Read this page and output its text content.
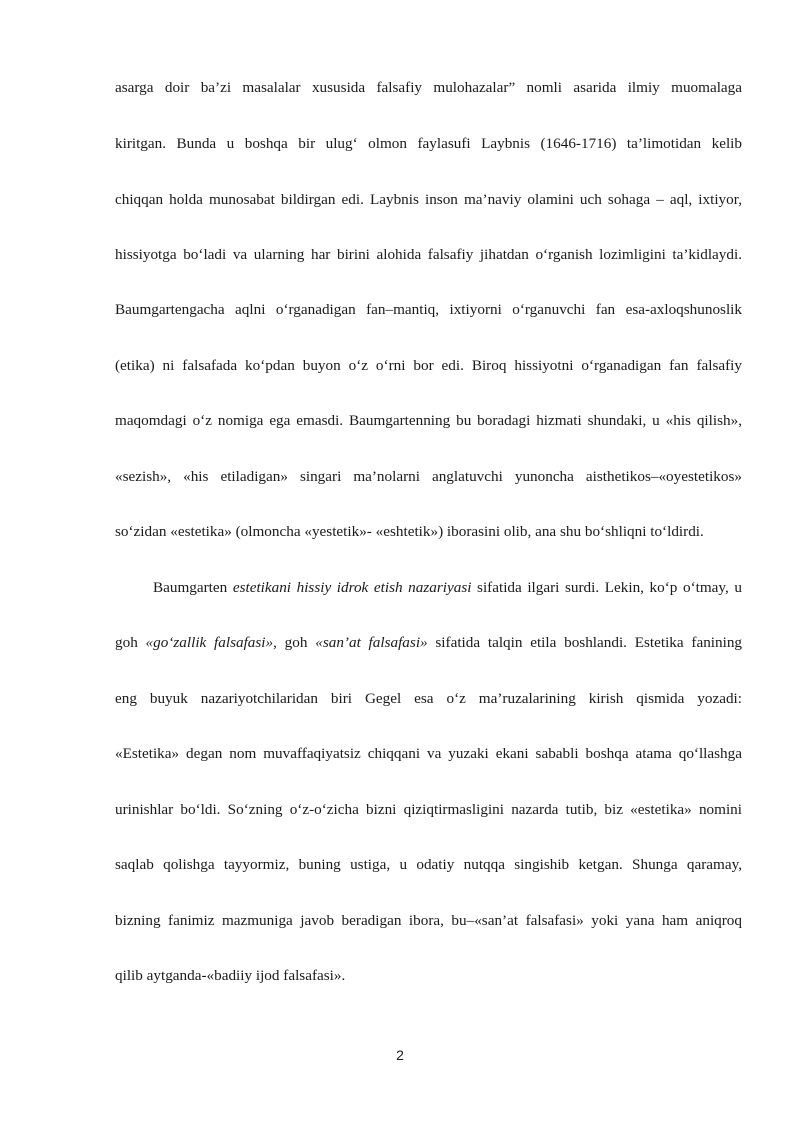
asarga doir ba’zi masalalar xususida falsafiy mulohazalar” nomli asarida ilmiy muomalaga
kiritgan. Bunda u boshqa bir ulug‘ olmon faylasufi Laybnis (1646-1716) ta’limotidan kelib
chiqqan holda munosabat bildirgan edi. Laybnis inson ma’naviy olamini uch sohaga – aql, ixtiyor,
hissiyotga bo‘ladi va ularning har birini alohida falsafiy jihatdan o‘rganish lozimligini ta’kidlaydi.
Baumgartengacha aqlni o‘rganadigan fan–mantiq, ixtiyorni o‘rganuvchi fan esa-axloqshunoslik
(etika) ni falsafada ko‘pdan buyon o‘z o‘rni bor edi. Biroq hissiyotni o‘rganadigan fan falsafiy
maqomdagi o‘z nomiga ega emasdi. Baumgartenning bu boradagi hizmati shundaki, u «his qilish»,
«sezish», «his etiladigan» singari ma’nolarni anglatuvchi yunoncha aisthetikos–«oyestetikos»
so‘zidan «estetika» (olmoncha «yestetik»- «eshtetik») iborasini olib, ana shu bo‘shliqni to‘ldirdi.
Baumgarten estetikani hissiy idrok etish nazariyasi sifatida ilgari surdi. Lekin, ko‘p o‘tmay, u
goh «go‘zallik falsafasi», goh «san’at falsafasi» sifatida talqin etila boshlandi. Estetika fanining
eng buyuk nazariyotchilaridan biri Gegel esa o‘z ma’ruzalarining kirish qismida yozadi:
«Estetika» degan nom muvaffaqiyatsiz chiqqani va yuzaki ekani sababli boshqa atama qo‘llashga
urinishlar bo‘ldi. So‘zning o‘z-o‘zicha bizni qiziqtirmasligini nazarda tutib, biz «estetika» nomini
saqlab qolishga tayyormiz, buning ustiga, u odatiy nutqqa singishib ketgan. Shunga qaramay,
bizning fanimiz mazmuniga javob beradigan ibora, bu–«san’at falsafasi» yoki yana ham aniqroq
qilib aytganda-«badiiy ijod falsafasi».
2
